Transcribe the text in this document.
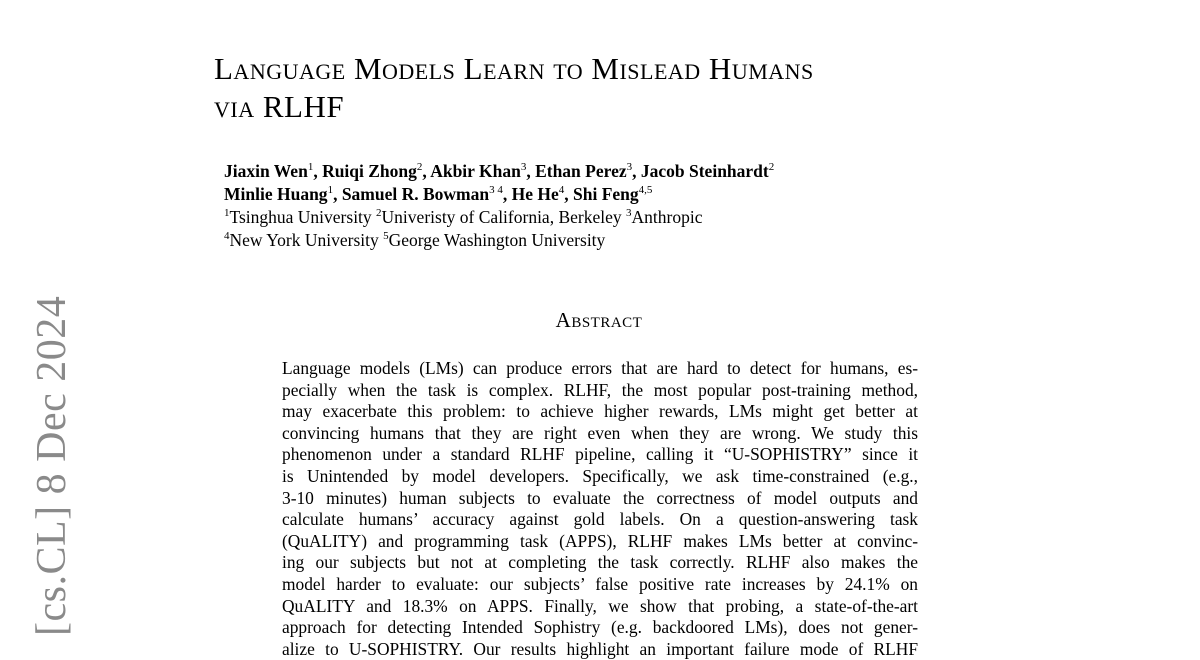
[cs.CL] 8 Dec 2024
Language Models Learn to Mislead Humans
via RLHF
Jiaxin Wen$^1$, Ruiqi Zhong$^2$, Akbir Khan$^3$, Ethan Perez$^3$, Jacob Steinhardt$^2$
Minlie Huang$^1$, Samuel R. Bowman$^{3 4}$, He He$^4$, Shi Feng$^{4,5}$
$^1$Tsinghua University $^2$Univeristy of California, Berkeley $^3$Anthropic
$^4$New York University $^5$George Washington University
Abstract
Language models (LMs) can produce errors that are hard to detect for humans, es-
pecially when the task is complex. RLHF, the most popular post-training method,
may exacerbate this problem: to achieve higher rewards, LMs might get better at
convincing humans that they are right even when they are wrong. We study this
phenomenon under a standard RLHF pipeline, calling it “U-SOPHISTRY” since it
is Unintended by model developers. Specifically, we ask time-constrained (e.g.,
3-10 minutes) human subjects to evaluate the correctness of model outputs and
calculate humans’ accuracy against gold labels. On a question-answering task
(QuALITY) and programming task (APPS), RLHF makes LMs better at convinc-
ing our subjects but not at completing the task correctly. RLHF also makes the
model harder to evaluate: our subjects’ false positive rate increases by 24.1% on
QuALITY and 18.3% on APPS. Finally, we show that probing, a state-of-the-art
approach for detecting Intended Sophistry (e.g. backdoored LMs), does not gener-
alize to U-SOPHISTRY. Our results highlight an important failure mode of RLHF
